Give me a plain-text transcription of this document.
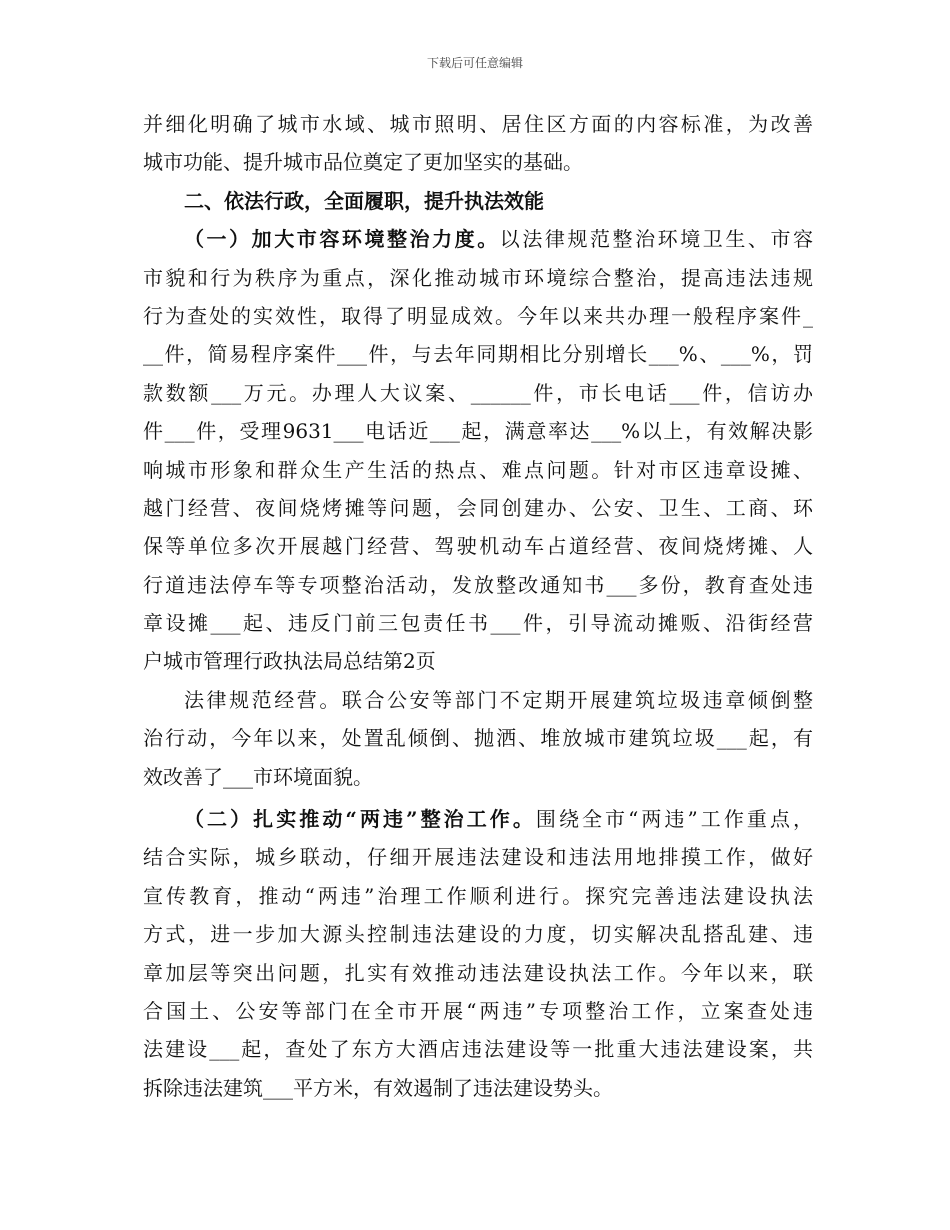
下载后可任意编辑
并细化明确了城市水域、城市照明、居住区方面的内容标准，为改善
城市功能、提升城市品位奠定了更加坚实的基础。
二、依法行政，全面履职，提升执法效能
（一）加大市容环境整治力度。以法律规范整治环境卫生、市容
市貌和行为秩序为重点，深化推动城市环境综合整治，提高违法违规
行为查处的实效性，取得了明显成效。今年以来共办理一般程序案件_
__件，简易程序案件___件，与去年同期相比分别增长___%、___%，罚
款数额___万元。办理人大议案、______件，市长电话___件，信访办
件___件，受理9631___电话近___起，满意率达___%以上，有效解决影
响城市形象和群众生产生活的热点、难点问题。针对市区违章设摊、
越门经营、夜间烧烤摊等问题，会同创建办、公安、卫生、工商、环
保等单位多次开展越门经营、驾驶机动车占道经营、夜间烧烤摊、人
行道违法停车等专项整治活动，发放整改通知书___多份，教育查处违
章设摊___起、违反门前三包责任书___件，引导流动摊贩、沿街经营
户城市管理行政执法局总结第2页
法律规范经营。联合公安等部门不定期开展建筑垃圾违章倾倒整
治行动，今年以来，处置乱倾倒、抛洒、堆放城市建筑垃圾___起，有
效改善了___市环境面貌。
（二）扎实推动“两违”整治工作。围绕全市“两违”工作重点，
结合实际，城乡联动，仔细开展违法建设和违法用地排摸工作，做好
宣传教育，推动“两违”治理工作顺利进行。探究完善违法建设执法
方式，进一步加大源头控制违法建设的力度，切实解决乱搭乱建、违
章加层等突出问题，扎实有效推动违法建设执法工作。今年以来，联
合国土、公安等部门在全市开展“两违”专项整治工作，立案查处违
法建设___起，查处了东方大酒店违法建设等一批重大违法建设案，共
拆除违法建筑___平方米，有效遏制了违法建设势头。
